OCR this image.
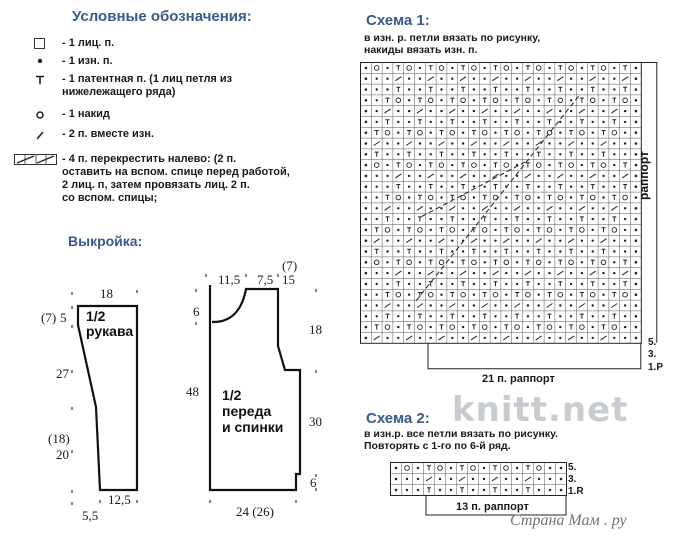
Условные обозначения:
- 1 лиц. п.
- 1 изн. п.
- 1 патентная п. (1 лиц петля из
нижележащего ряда)
- 1 накид
- 2 п. вместе изн.
- 4 п. перекрестить налево: (2 п.
оставить на вспом. спице перед работой,
2 лиц. п, затем провязать лиц. 2 п.
со вспом. спицы;
Выкройка:
18
(7) 5 1/2
рукава
27
(18)
20
12,5
5,5
(7)
11,5 7,5 15
6
18
48 1/2
переда
и спинки 30
6
24 (26)
Схема 1:
в изн. р. петли вязать по рисунку,
накиды вязать изн. п.
раппорт
5.
3.
1.Р
21 п. раппорт
knitt.net
Схема 2:
в изн.р. все петли вязать по рисунку.
Повторять с 1-го по 6-й ряд.
5.
3.
1.R
13 п. раппорт
Страна Мам . ру
